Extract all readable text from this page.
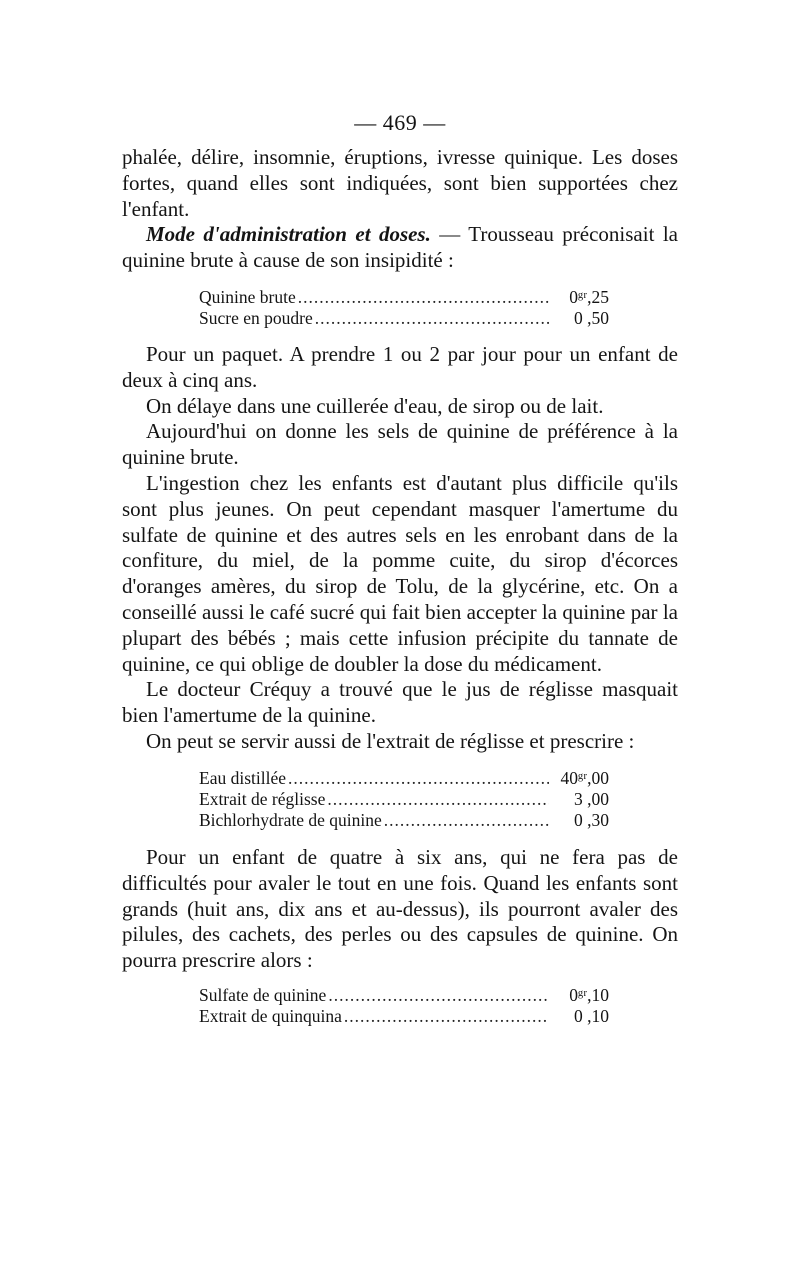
— 469 —

phalée, délire, insomnie, éruptions, ivresse quinique. Les doses fortes, quand elles sont indiquées, sont bien supportées chez l'enfant.

Mode d'administration et doses. — Trousseau préconisait la quinine brute à cause de son insipidité :

Quinine brute .....	0ᵍʳ,25
Sucre en poudre .....	0 ,50

Pour un paquet. A prendre 1 ou 2 par jour pour un enfant de deux à cinq ans.

On délaye dans une cuillerée d'eau, de sirop ou de lait.

Aujourd'hui on donne les sels de quinine de préférence à la quinine brute.

L'ingestion chez les enfants est d'autant plus difficile qu'ils sont plus jeunes. On peut cependant masquer l'amertume du sulfate de quinine et des autres sels en les enrobant dans de la confiture, du miel, de la pomme cuite, du sirop d'écorces d'oranges amères, du sirop de Tolu, de la glycérine, etc. On a conseillé aussi le café sucré qui fait bien accepter la quinine par la plupart des bébés ; mais cette infusion précipite du tannate de quinine, ce qui oblige de doubler la dose du médicament.

Le docteur Créquy a trouvé que le jus de réglisse masquait bien l'amertume de la quinine.

On peut se servir aussi de l'extrait de réglisse et prescrire :

Eau distillée .....	40ᵍʳ,00
Extrait de réglisse .....	3 ,00
Bichlorhydrate de quinine .....	0 ,30

Pour un enfant de quatre à six ans, qui ne fera pas de difficultés pour avaler le tout en une fois. Quand les enfants sont grands (huit ans, dix ans et au-dessus), ils pourront avaler des pilules, des cachets, des perles ou des capsules de quinine. On pourra prescrire alors :

Sulfate de quinine .....	0ᵍʳ,10
Extrait de quinquina .....	0 ,10
